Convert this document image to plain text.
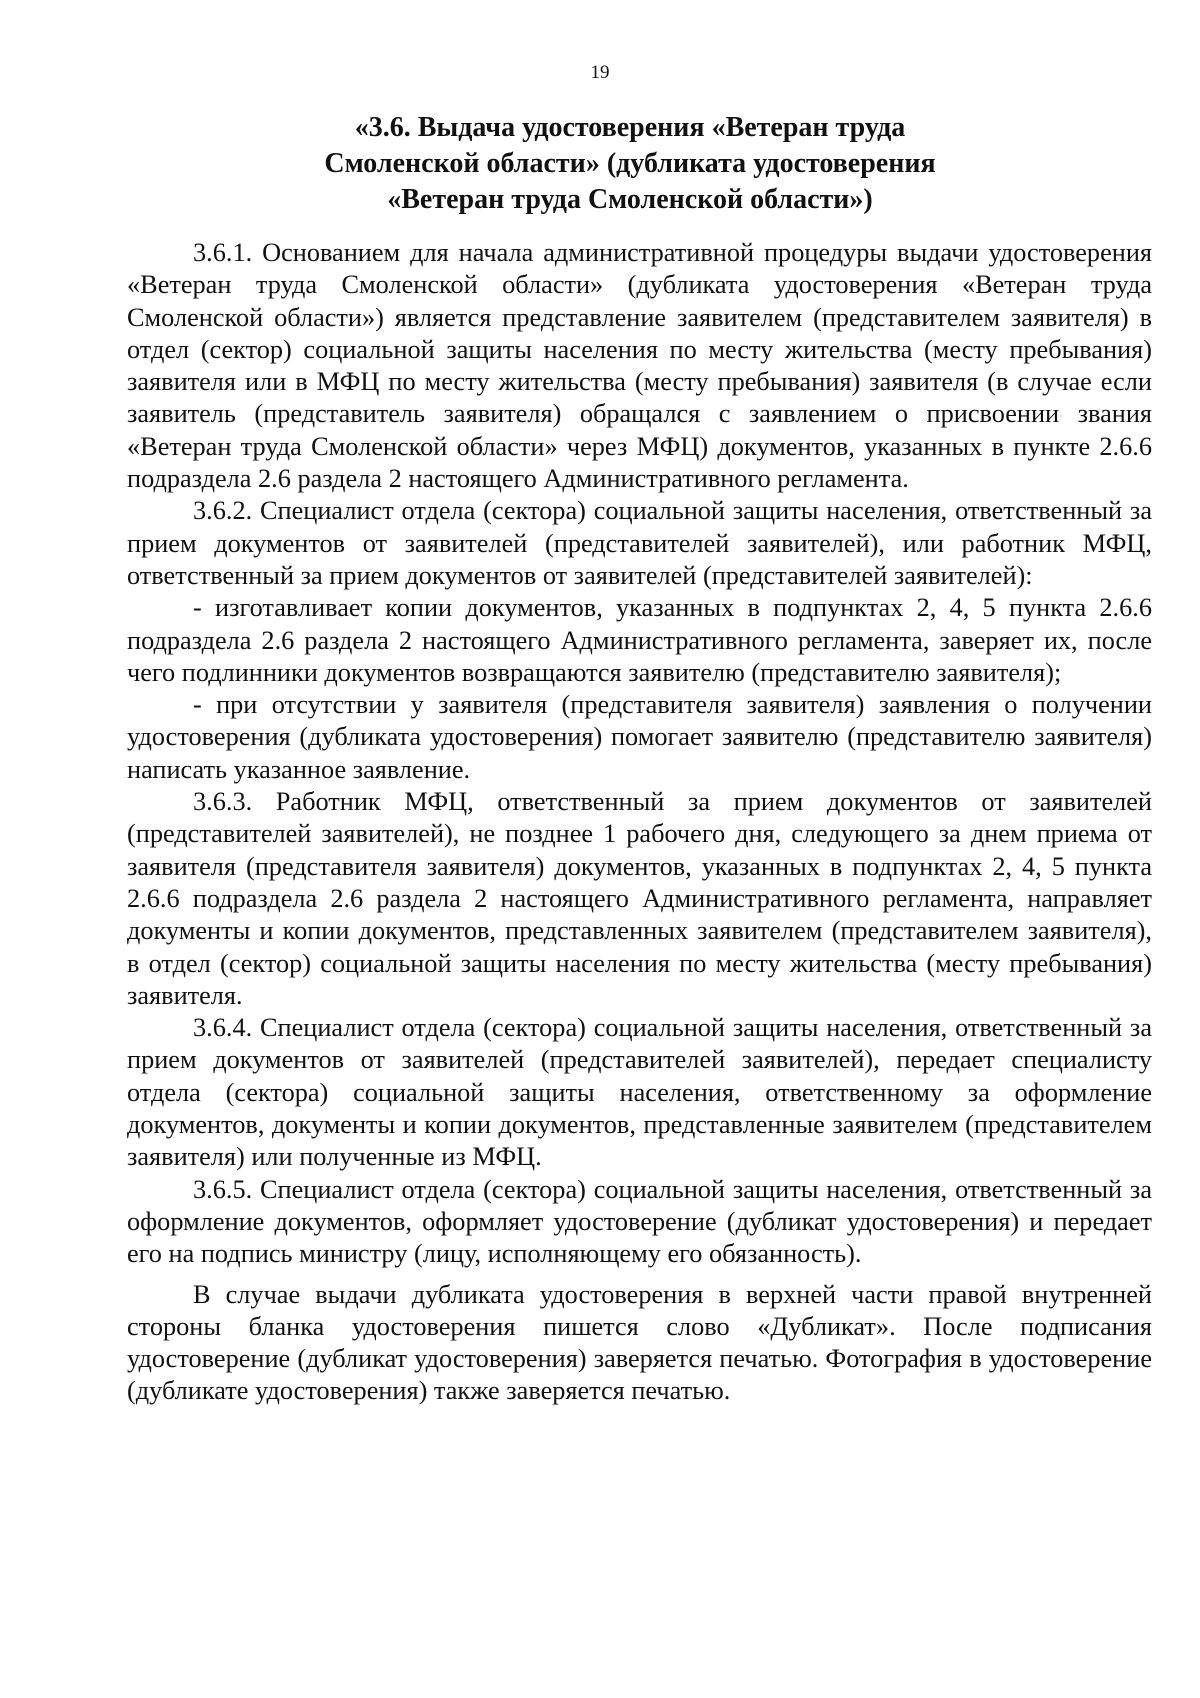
19
«3.6. Выдача удостоверения «Ветеран труда
Смоленской области» (дубликата удостоверения
«Ветеран труда Смоленской области»)

3.6.1. Основанием для начала административной процедуры выдачи удостоверения «Ветеран труда Смоленской области» (дубликата удостоверения «Ветеран труда Смоленской области») является представление заявителем (представителем заявителя) в отдел (сектор) социальной защиты населения по месту жительства (месту пребывания) заявителя или в МФЦ по месту жительства (месту пребывания) заявителя (в случае если заявитель (представитель заявителя) обращался с заявлением о присвоении звания «Ветеран труда Смоленской области» через МФЦ) документов, указанных в пункте 2.6.6 подраздела 2.6 раздела 2 настоящего Административного регламента.

3.6.2. Специалист отдела (сектора) социальной защиты населения, ответственный за прием документов от заявителей (представителей заявителей), или работник МФЦ, ответственный за прием документов от заявителей (представителей заявителей):

- изготавливает копии документов, указанных в подпунктах 2, 4, 5 пункта 2.6.6 подраздела 2.6 раздела 2 настоящего Административного регламента, заверяет их, после чего подлинники документов возвращаются заявителю (представителю заявителя);

- при отсутствии у заявителя (представителя заявителя) заявления о получении удостоверения (дубликата удостоверения) помогает заявителю (представителю заявителя) написать указанное заявление.

3.6.3. Работник МФЦ, ответственный за прием документов от заявителей (представителей заявителей), не позднее 1 рабочего дня, следующего за днем приема от заявителя (представителя заявителя) документов, указанных в подпунктах 2, 4, 5 пункта 2.6.6 подраздела 2.6 раздела 2 настоящего Административного регламента, направляет документы и копии документов, представленных заявителем (представителем заявителя), в отдел (сектор) социальной защиты населения по месту жительства (месту пребывания) заявителя.

3.6.4. Специалист отдела (сектора) социальной защиты населения, ответственный за прием документов от заявителей (представителей заявителей), передает специалисту отдела (сектора) социальной защиты населения, ответственному за оформление документов, документы и копии документов, представленные заявителем (представителем заявителя) или полученные из МФЦ.

3.6.5. Специалист отдела (сектора) социальной защиты населения, ответственный за оформление документов, оформляет удостоверение (дубликат удостоверения) и передает его на подпись министру (лицу, исполняющему его обязанность).

В случае выдачи дубликата удостоверения в верхней части правой внутренней стороны бланка удостоверения пишется слово «Дубликат». После подписания удостоверение (дубликат удостоверения) заверяется печатью. Фотография в удостоверение (дубликате удостоверения) также заверяется печатью.
